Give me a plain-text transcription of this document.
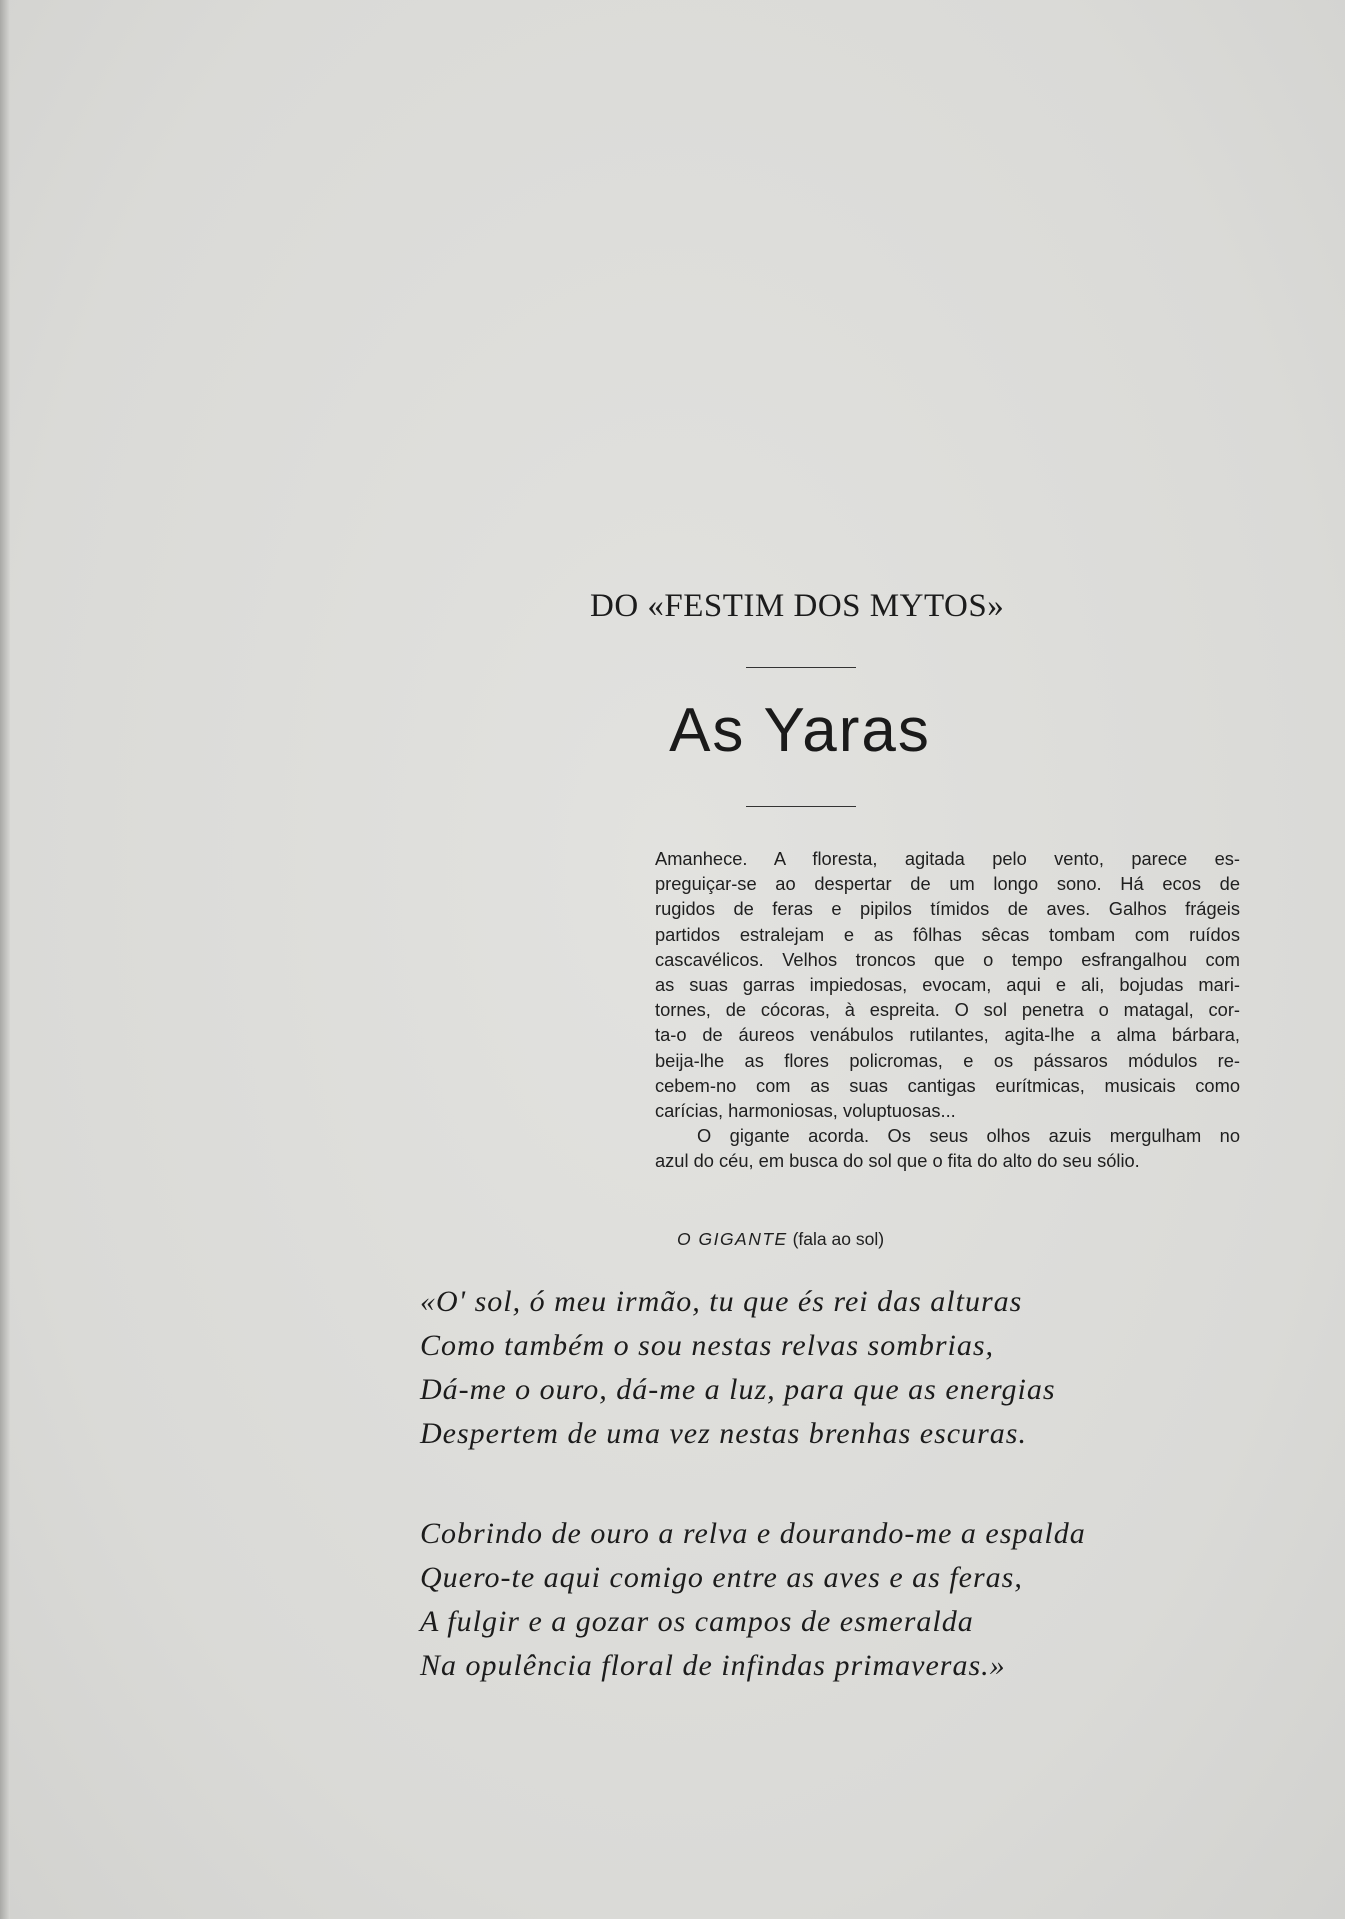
DO «FESTIM DOS MYTOS»
As Yaras
Amanhece. A floresta, agitada pelo vento, parece es-
preguiçar-se ao despertar de um longo sono. Há ecos de
rugidos de feras e pipilos tímidos de aves. Galhos frágeis
partidos estralejam e as fôlhas sêcas tombam com ruídos
cascavélicos. Velhos troncos que o tempo esfrangalhou com
as suas garras impiedosas, evocam, aqui e ali, bojudas mari-
tornes, de cócoras, à espreita. O sol penetra o matagal, cor-
ta-o de áureos venábulos rutilantes, agita-lhe a alma bárbara,
beija-lhe as flores policromas, e os pássaros módulos re-
cebem-no com as suas cantigas eurítmicas, musicais como
carícias, harmoniosas, voluptuosas...
O gigante acorda. Os seus olhos azuis mergulham no
azul do céu, em busca do sol que o fita do alto do seu sólio.
O GIGANTE (fala ao sol)
«O' sol, ó meu irmão, tu que és rei das alturas
Como também o sou nestas relvas sombrias,
Dá-me o ouro, dá-me a luz, para que as energias
Despertem de uma vez nestas brenhas escuras.
Cobrindo de ouro a relva e dourando-me a espalda
Quero-te aqui comigo entre as aves e as feras,
A fulgir e a gozar os campos de esmeralda
Na opulência floral de infindas primaveras.»
